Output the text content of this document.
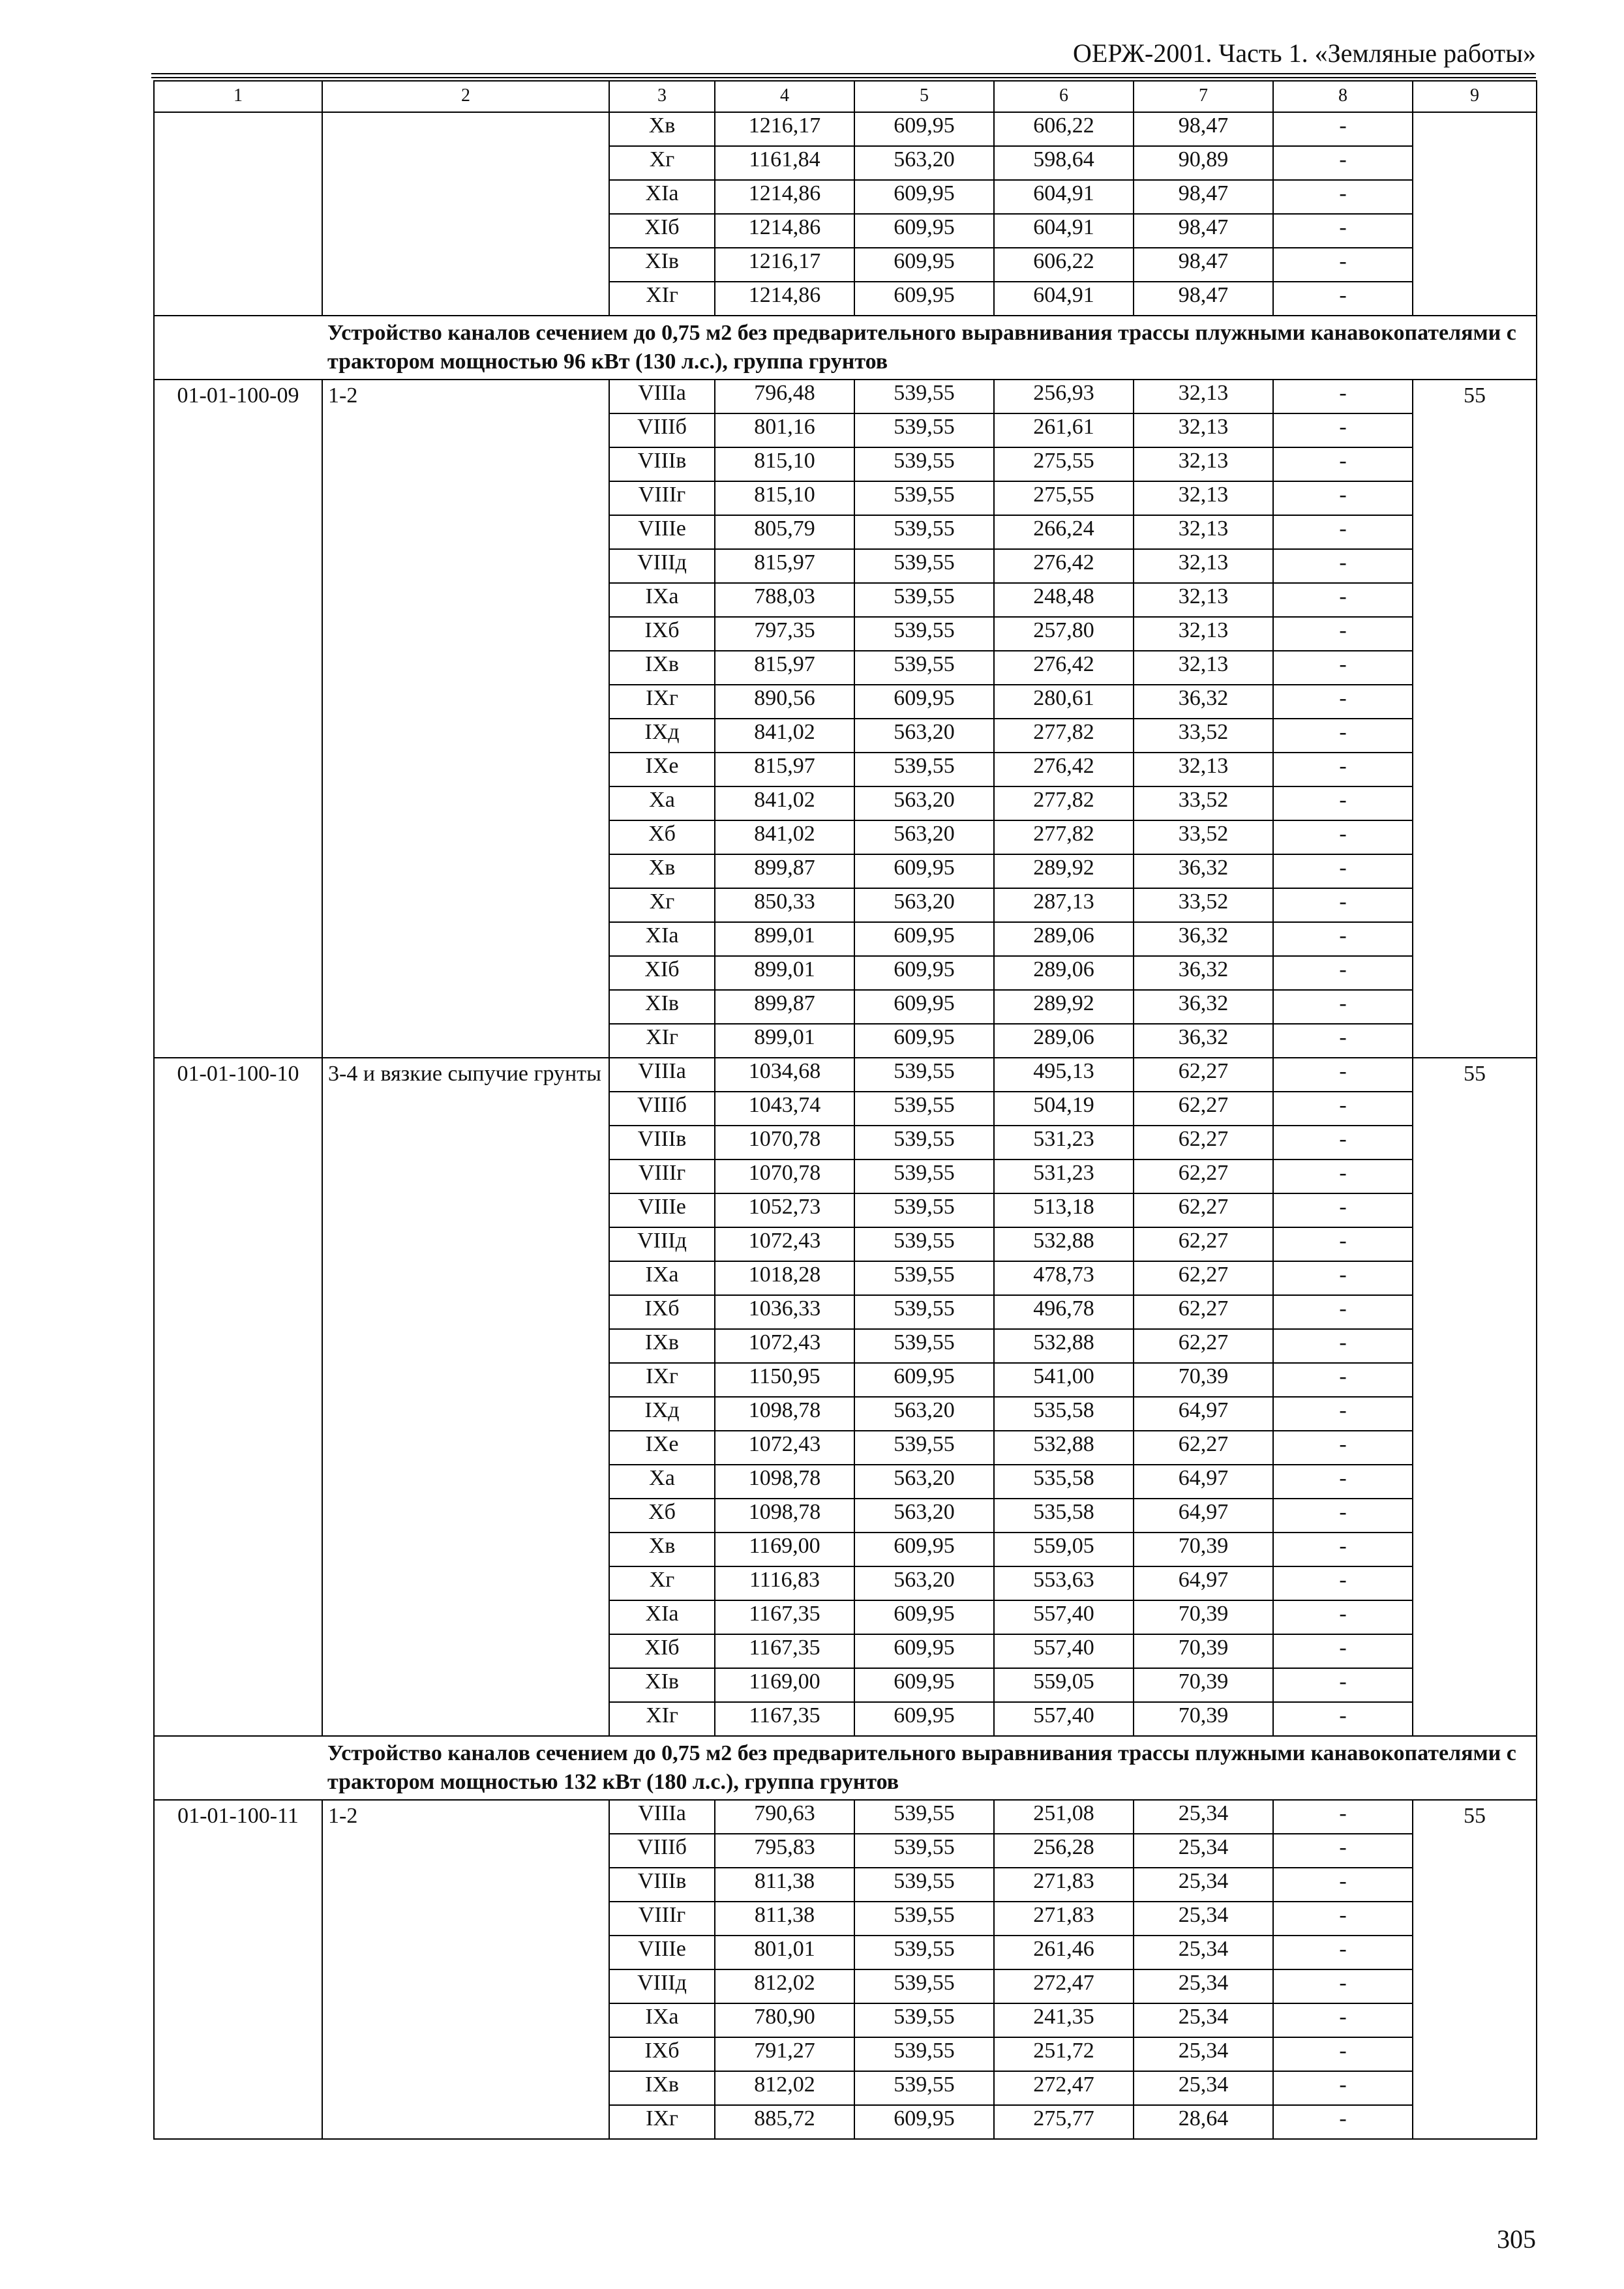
ОЕРЖ-2001. Часть 1. «Земляные работы»
1	2	3	4	5	6	7	8	9
		Хв	1216,17	609,95	606,22	98,47	-	
		Хг	1161,84	563,20	598,64	90,89	-	
		XIа	1214,86	609,95	604,91	98,47	-	
		XIб	1214,86	609,95	604,91	98,47	-	
		XIв	1216,17	609,95	606,22	98,47	-	
		XIг	1214,86	609,95	604,91	98,47	-	
	Устройство каналов сечением до 0,75 м2 без предварительного выравнивания трассы плужными канавокопателями с трактором мощностью 96 кВт (130 л.с.), группа грунтов							
01-01-100-09	1-2	VIIIа	796,48	539,55	256,93	32,13	-	55
		VIIIб	801,16	539,55	261,61	32,13	-	
		VIIIв	815,10	539,55	275,55	32,13	-	
		VIIIг	815,10	539,55	275,55	32,13	-	
		VIIIе	805,79	539,55	266,24	32,13	-	
		VIIIд	815,97	539,55	276,42	32,13	-	
		IХа	788,03	539,55	248,48	32,13	-	
		IХб	797,35	539,55	257,80	32,13	-	
		IХв	815,97	539,55	276,42	32,13	-	
		IХг	890,56	609,95	280,61	36,32	-	
		IХд	841,02	563,20	277,82	33,52	-	
		IХе	815,97	539,55	276,42	32,13	-	
		Ха	841,02	563,20	277,82	33,52	-	
		Хб	841,02	563,20	277,82	33,52	-	
		Хв	899,87	609,95	289,92	36,32	-	
		Хг	850,33	563,20	287,13	33,52	-	
		XIа	899,01	609,95	289,06	36,32	-	
		XIб	899,01	609,95	289,06	36,32	-	
		XIв	899,87	609,95	289,92	36,32	-	
		XIг	899,01	609,95	289,06	36,32	-	
01-01-100-10	3-4 и вязкие сыпучие грунты	VIIIа	1034,68	539,55	495,13	62,27	-	55
		VIIIб	1043,74	539,55	504,19	62,27	-	
		VIIIв	1070,78	539,55	531,23	62,27	-	
		VIIIг	1070,78	539,55	531,23	62,27	-	
		VIIIе	1052,73	539,55	513,18	62,27	-	
		VIIIд	1072,43	539,55	532,88	62,27	-	
		IХа	1018,28	539,55	478,73	62,27	-	
		IХб	1036,33	539,55	496,78	62,27	-	
		IХв	1072,43	539,55	532,88	62,27	-	
		IХг	1150,95	609,95	541,00	70,39	-	
		IХд	1098,78	563,20	535,58	64,97	-	
		IХе	1072,43	539,55	532,88	62,27	-	
		Ха	1098,78	563,20	535,58	64,97	-	
		Хб	1098,78	563,20	535,58	64,97	-	
		Хв	1169,00	609,95	559,05	70,39	-	
		Хг	1116,83	563,20	553,63	64,97	-	
		XIа	1167,35	609,95	557,40	70,39	-	
		XIб	1167,35	609,95	557,40	70,39	-	
		XIв	1169,00	609,95	559,05	70,39	-	
		XIг	1167,35	609,95	557,40	70,39	-	
	Устройство каналов сечением до 0,75 м2 без предварительного выравнивания трассы плужными канавокопателями с трактором мощностью 132 кВт (180 л.с.), группа грунтов							
01-01-100-11	1-2	VIIIа	790,63	539,55	251,08	25,34	-	55
		VIIIб	795,83	539,55	256,28	25,34	-	
		VIIIв	811,38	539,55	271,83	25,34	-	
		VIIIг	811,38	539,55	271,83	25,34	-	
		VIIIе	801,01	539,55	261,46	25,34	-	
		VIIIд	812,02	539,55	272,47	25,34	-	
		IХа	780,90	539,55	241,35	25,34	-	
		IХб	791,27	539,55	251,72	25,34	-	
		IХв	812,02	539,55	272,47	25,34	-	
		IХг	885,72	609,95	275,77	28,64	-	
305
